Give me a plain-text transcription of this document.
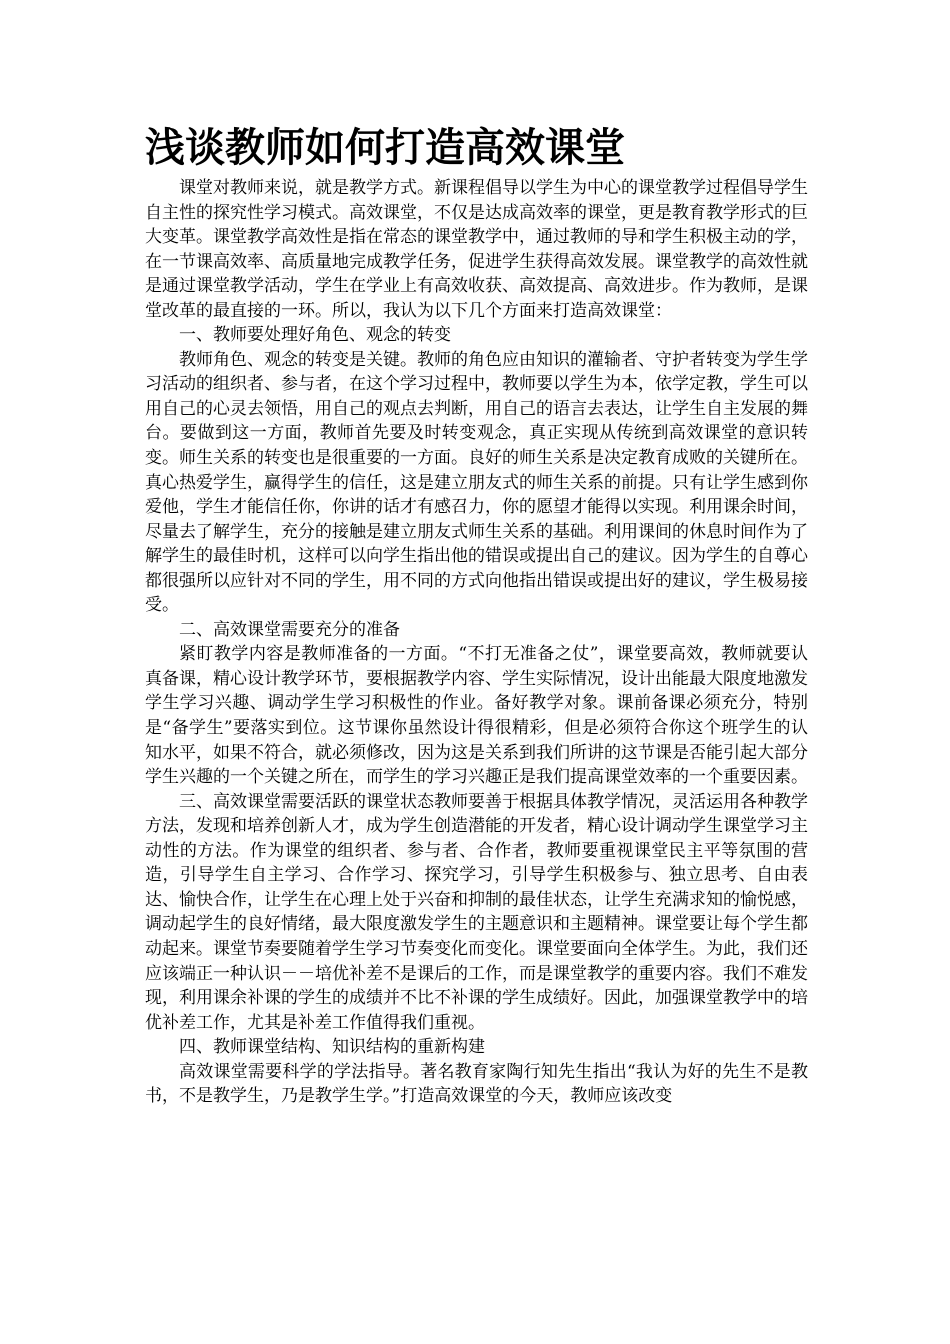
浅谈教师如何打造高效课堂

课堂对教师来说，就是教学方式。新课程倡导以学生为中心的课堂教学过程倡导学生自主性的探究性学习模式。高效课堂，不仅是达成高效率的课堂，更是教育教学形式的巨大变革。课堂教学高效性是指在常态的课堂教学中，通过教师的导和学生积极主动的学，在一节课高效率、高质量地完成教学任务，促进学生获得高效发展。课堂教学的高效性就是通过课堂教学活动，学生在学业上有高效收获、高效提高、高效进步。作为教师，是课堂改革的最直接的一环。所以，我认为以下几个方面来打造高效课堂：

一、教师要处理好角色、观念的转变

教师角色、观念的转变是关键。教师的角色应由知识的灌输者、守护者转变为学生学习活动的组织者、参与者，在这个学习过程中，教师要以学生为本，依学定教，学生可以用自己的心灵去领悟，用自己的观点去判断，用自己的语言去表达，让学生自主发展的舞台。要做到这一方面，教师首先要及时转变观念，真正实现从传统到高效课堂的意识转变。师生关系的转变也是很重要的一方面。良好的师生关系是决定教育成败的关键所在。真心热爱学生，赢得学生的信任，这是建立朋友式的师生关系的前提。只有让学生感到你爱他，学生才能信任你，你讲的话才有感召力，你的愿望才能得以实现。利用课余时间，尽量去了解学生，充分的接触是建立朋友式师生关系的基础。利用课间的休息时间作为了解学生的最佳时机，这样可以向学生指出他的错误或提出自己的建议。因为学生的自尊心都很强所以应针对不同的学生，用不同的方式向他指出错误或提出好的建议，学生极易接受。

二、高效课堂需要充分的准备

紧盯教学内容是教师准备的一方面。“不打无准备之仗”，课堂要高效，教师就要认真备课，精心设计教学环节，要根据教学内容、学生实际情况，设计出能最大限度地激发学生学习兴趣、调动学生学习积极性的作业。备好教学对象。课前备课必须充分，特别是“备学生”要落实到位。这节课你虽然设计得很精彩，但是必须符合你这个班学生的认知水平，如果不符合，就必须修改，因为这是关系到我们所讲的这节课是否能引起大部分学生兴趣的一个关键之所在，而学生的学习兴趣正是我们提高课堂效率的一个重要因素。

三、高效课堂需要活跃的课堂状态教师要善于根据具体教学情况，灵活运用各种教学方法，发现和培养创新人才，成为学生创造潜能的开发者，精心设计调动学生课堂学习主动性的方法。作为课堂的组织者、参与者、合作者，教师要重视课堂民主平等氛围的营造，引导学生自主学习、合作学习、探究学习，引导学生积极参与、独立思考、自由表达、愉快合作，让学生在心理上处于兴奋和抑制的最佳状态，让学生充满求知的愉悦感，调动起学生的良好情绪，最大限度激发学生的主题意识和主题精神。课堂要让每个学生都动起来。课堂节奏要随着学生学习节奏变化而变化。课堂要面向全体学生。为此，我们还应该端正一种认识－－培优补差不是课后的工作，而是课堂教学的重要内容。我们不难发现，利用课余补课的学生的成绩并不比不补课的学生成绩好。因此，加强课堂教学中的培优补差工作，尤其是补差工作值得我们重视。

四、教师课堂结构、知识结构的重新构建

高效课堂需要科学的学法指导。著名教育家陶行知先生指出“我认为好的先生不是教书，不是教学生，乃是教学生学。”打造高效课堂的今天，教师应该改变
